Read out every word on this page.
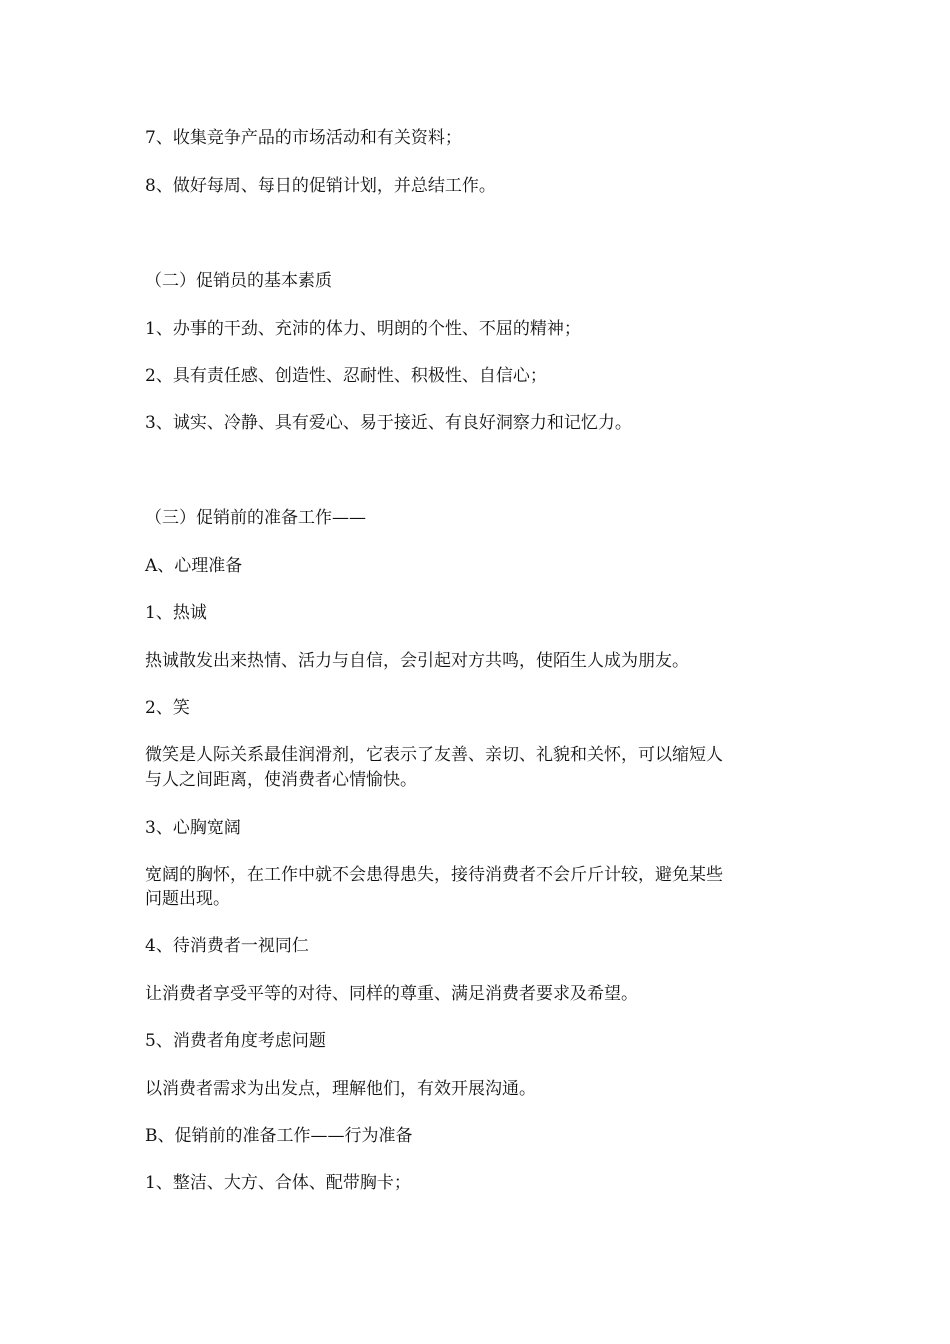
7、收集竞争产品的市场活动和有关资料；

8、做好每周、每日的促销计划，并总结工作。

（二）促销员的基本素质

1、办事的干劲、充沛的体力、明朗的个性、不屈的精神；

2、具有责任感、创造性、忍耐性、积极性、自信心；

3、诚实、冷静、具有爱心、易于接近、有良好洞察力和记忆力。

（三）促销前的准备工作——

A、心理准备

1、热诚

热诚散发出来热情、活力与自信，会引起对方共鸣，使陌生人成为朋友。

2、笑

微笑是人际关系最佳润滑剂，它表示了友善、亲切、礼貌和关怀，可以缩短人

与人之间距离，使消费者心情愉快。

3、心胸宽阔

宽阔的胸怀，在工作中就不会患得患失，接待消费者不会斤斤计较，避免某些

问题出现。

4、待消费者一视同仁

让消费者享受平等的对待、同样的尊重、满足消费者要求及希望。

5、消费者角度考虑问题

以消费者需求为出发点，理解他们，有效开展沟通。

B、促销前的准备工作——行为准备

1、整洁、大方、合体、配带胸卡；
